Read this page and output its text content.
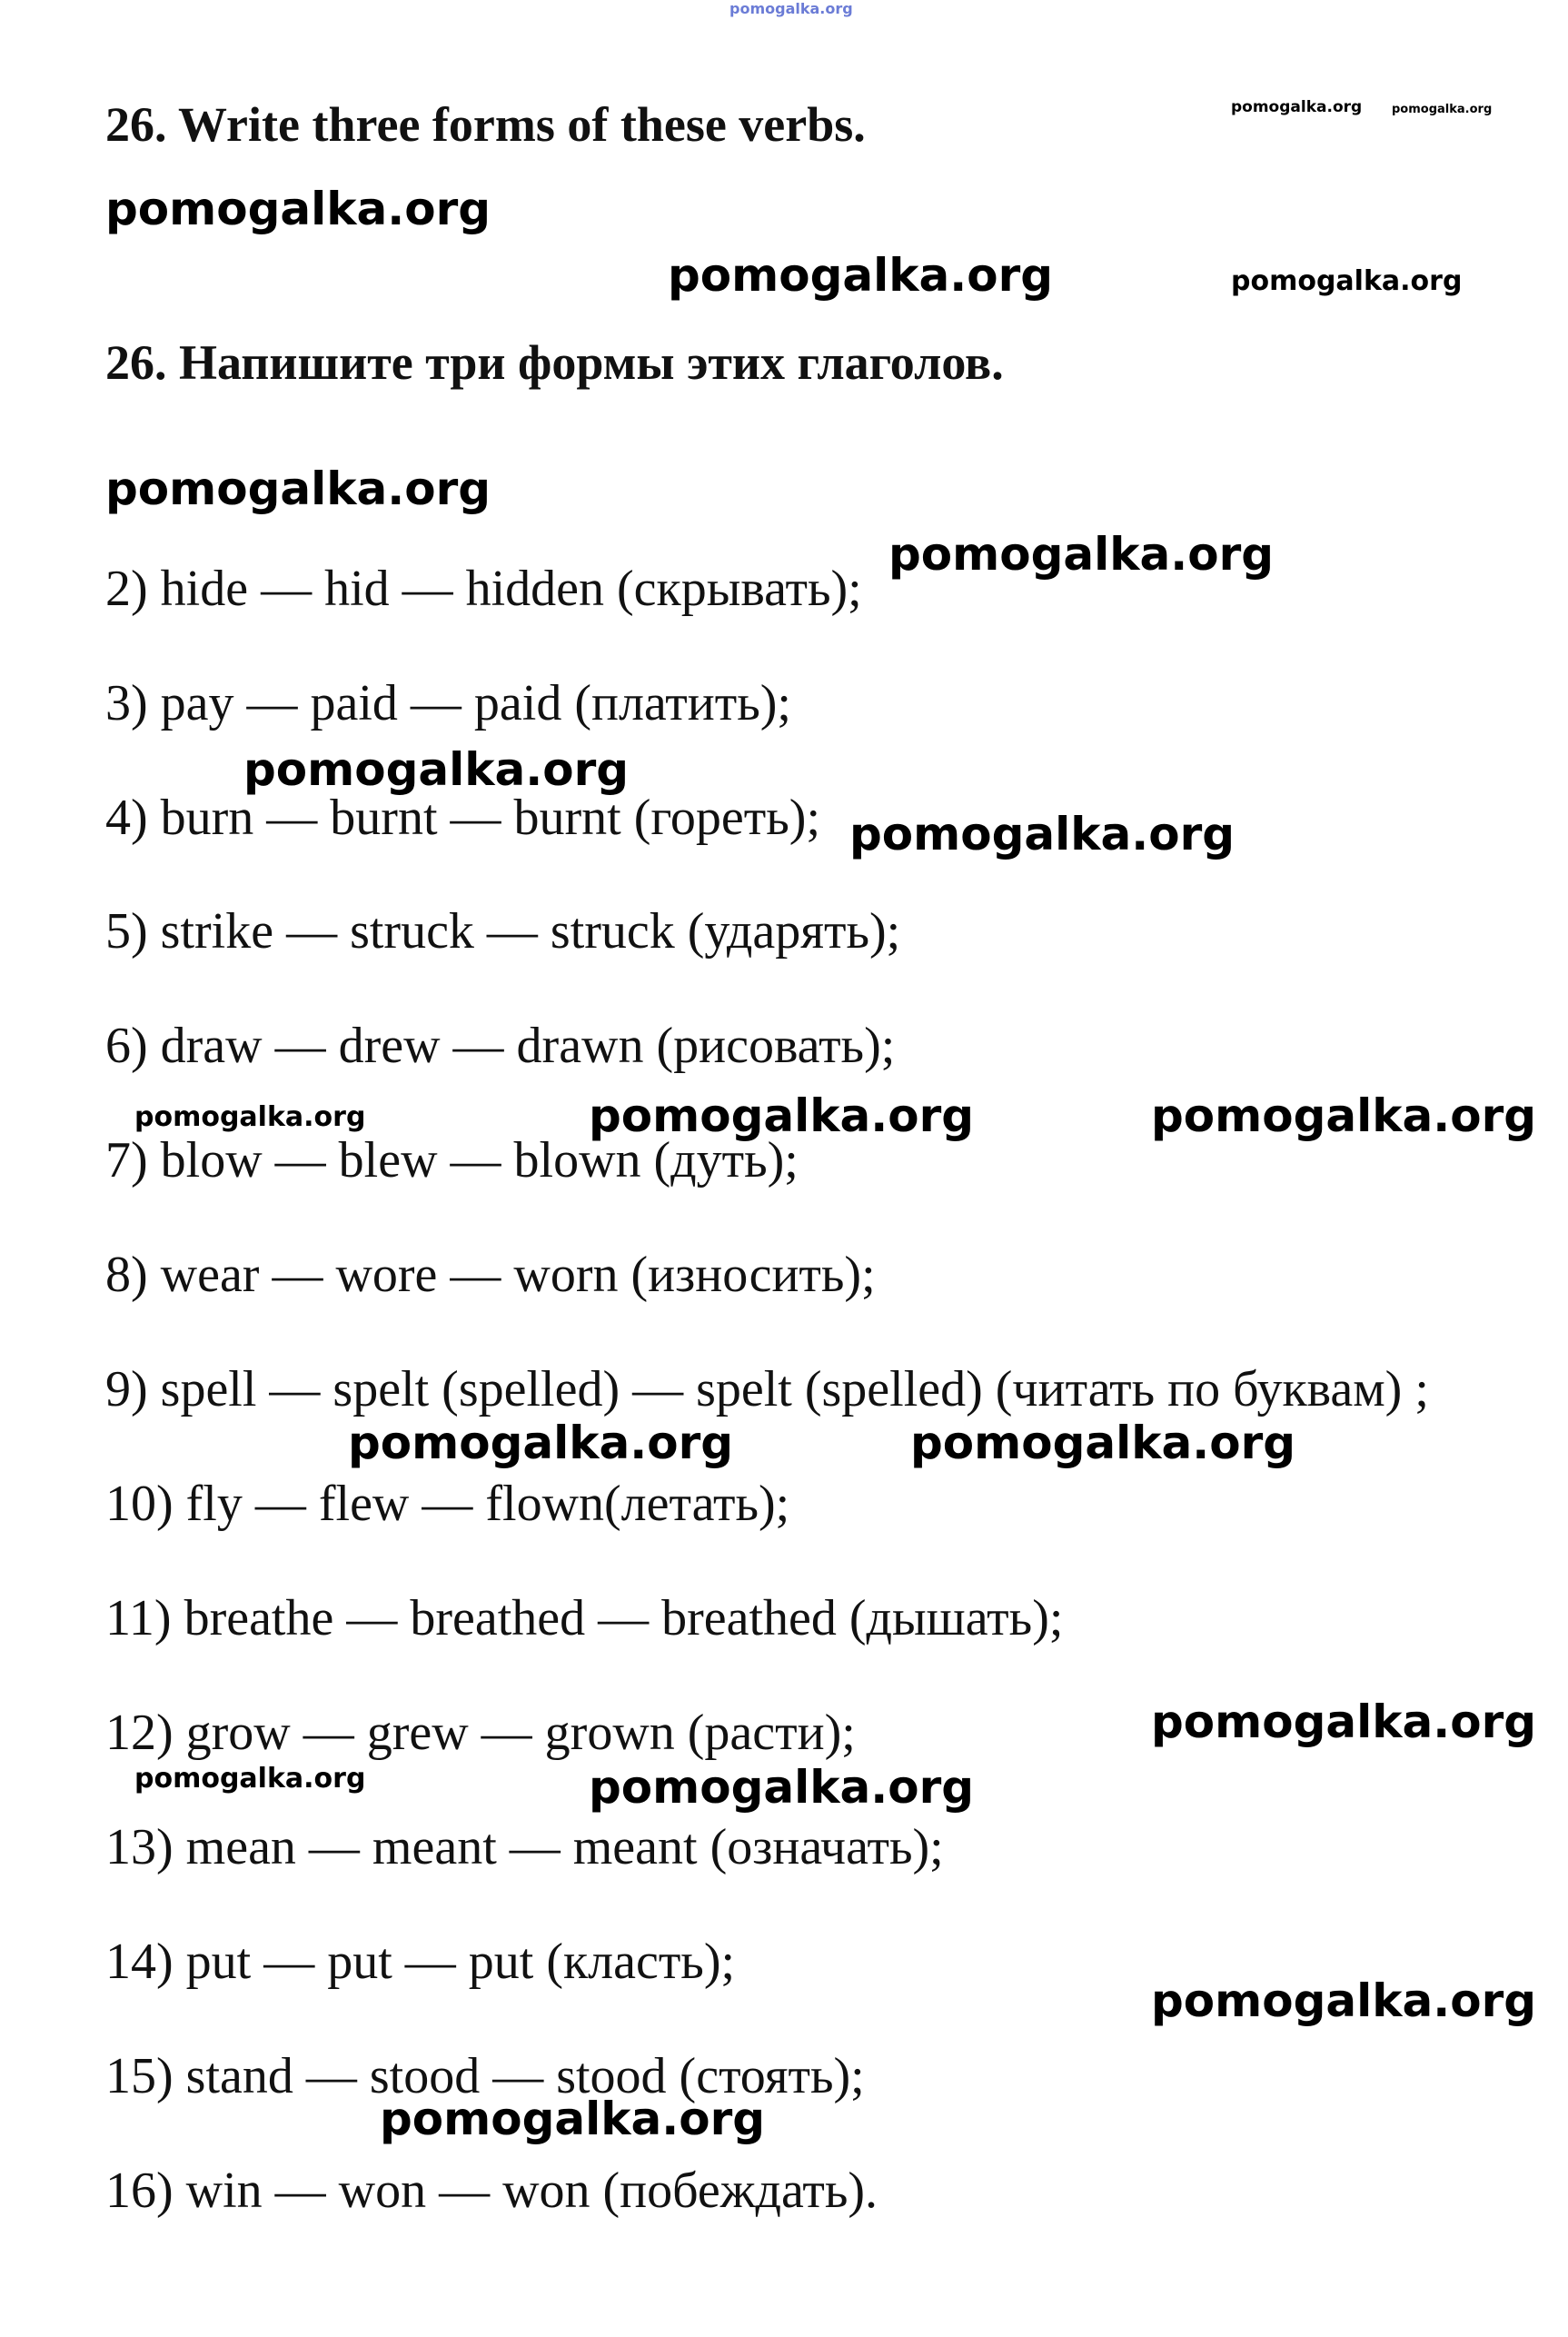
pomogalka.org
26. Write three forms of these verbs.	pomogalka.org	pomogalka.org
pomogalka.org
pomogalka.org	pomogalka.org
26. Напишите три формы этих глаголов.
pomogalka.org
2) hide — hid — hidden (скрывать);
pomogalka.org
3) pay — paid — paid (платить);
pomogalka.org
4) burn — burnt — burnt (гореть); pomogalka.org
5) strike — struck — struck (ударять);
6) draw — drew — drawn (рисовать);
pomogalka.org	pomogalka.org	pomogalka.org
7) blow — blew — blown (дуть);
8) wear — wore — worn (износить);
9) spell — spelt (spelled) — spelt (spelled) (читать по буквам) ;
pomogalka.org	pomogalka.org
10) fly — flew — flown(летать);
11) breathe — breathed — breathed (дышать);
12) grow — grew — grown (расти);	pomogalka.org
pomogalka.org	pomogalka.org
13) mean — meant — meant (означать);
14) put — put — put (класть);
pomogalka.org
15) stand — stood — stood (стоять);
pomogalka.org
16) win — won — won (побеждать).
